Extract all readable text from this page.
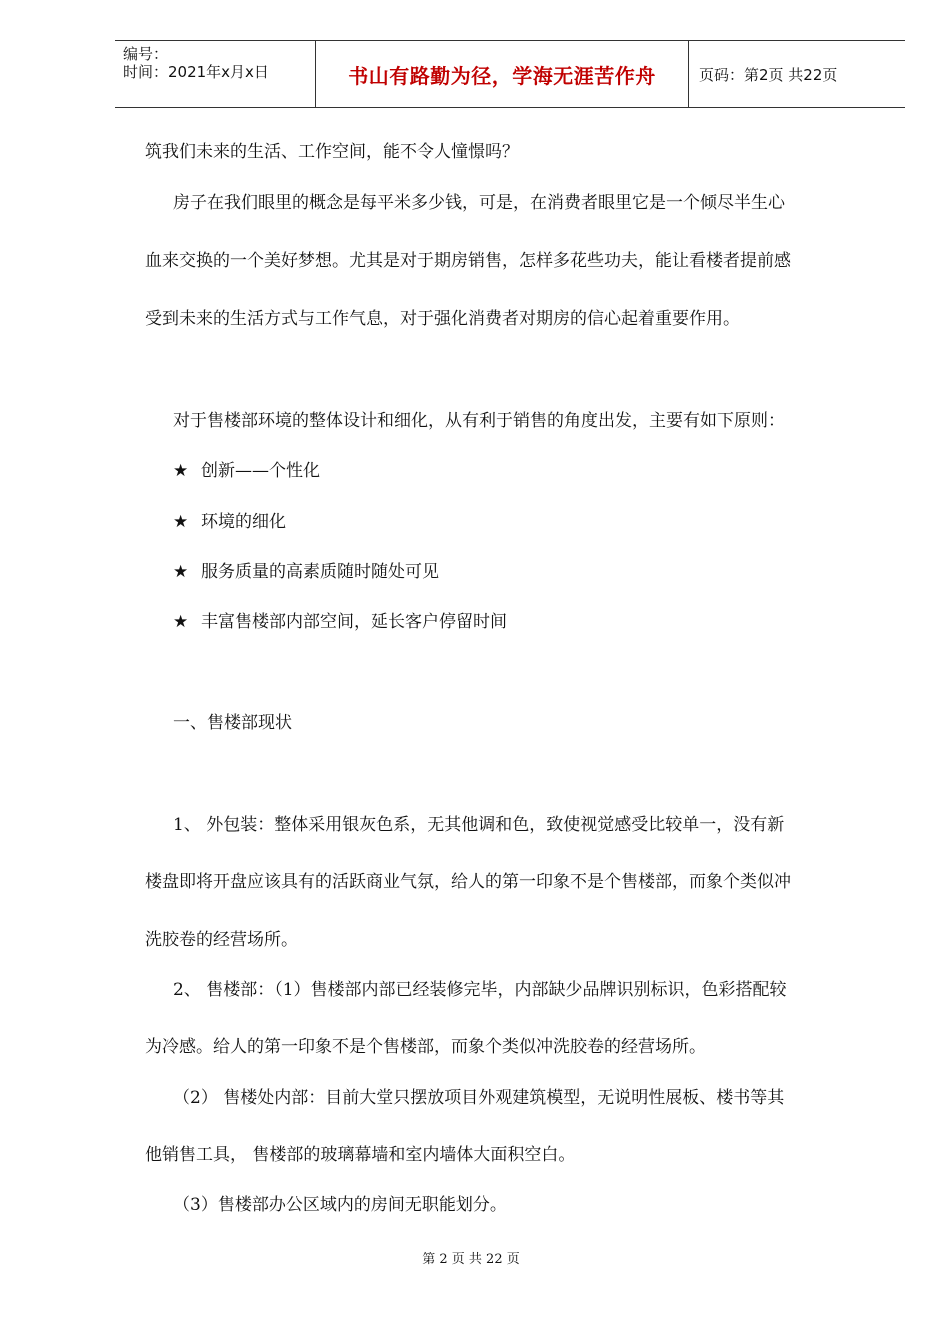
编号：
时间：2021年x月x日	书山有路勤为径，学海无涯苦作舟	页码：第2页 共22页
筑我们未来的生活、工作空间，能不令人憧憬吗？
房子在我们眼里的概念是每平米多少钱，可是，在消费者眼里它是一个倾尽半生心
血来交换的一个美好梦想。尤其是对于期房销售，怎样多花些功夫，能让看楼者提前感
受到未来的生活方式与工作气息，对于强化消费者对期房的信心起着重要作用。
对于售楼部环境的整体设计和细化，从有利于销售的角度出发，主要有如下原则：
★ 创新——个性化
★ 环境的细化
★ 服务质量的高素质随时随处可见
★ 丰富售楼部内部空间，延长客户停留时间
一、售楼部现状
1、 外包装：整体采用银灰色系，无其他调和色，致使视觉感受比较单一，没有新
楼盘即将开盘应该具有的活跃商业气氛，给人的第一印象不是个售楼部，而象个类似冲
洗胶卷的经营场所。
2、 售楼部：（1）售楼部内部已经装修完毕，内部缺少品牌识别标识，色彩搭配较
为冷感。给人的第一印象不是个售楼部，而象个类似冲洗胶卷的经营场所。
（2） 售楼处内部：目前大堂只摆放项目外观建筑模型，无说明性展板、楼书等其
他销售工具， 售楼部的玻璃幕墙和室内墙体大面积空白。
（3）售楼部办公区域内的房间无职能划分。
第 2 页 共 22 页
